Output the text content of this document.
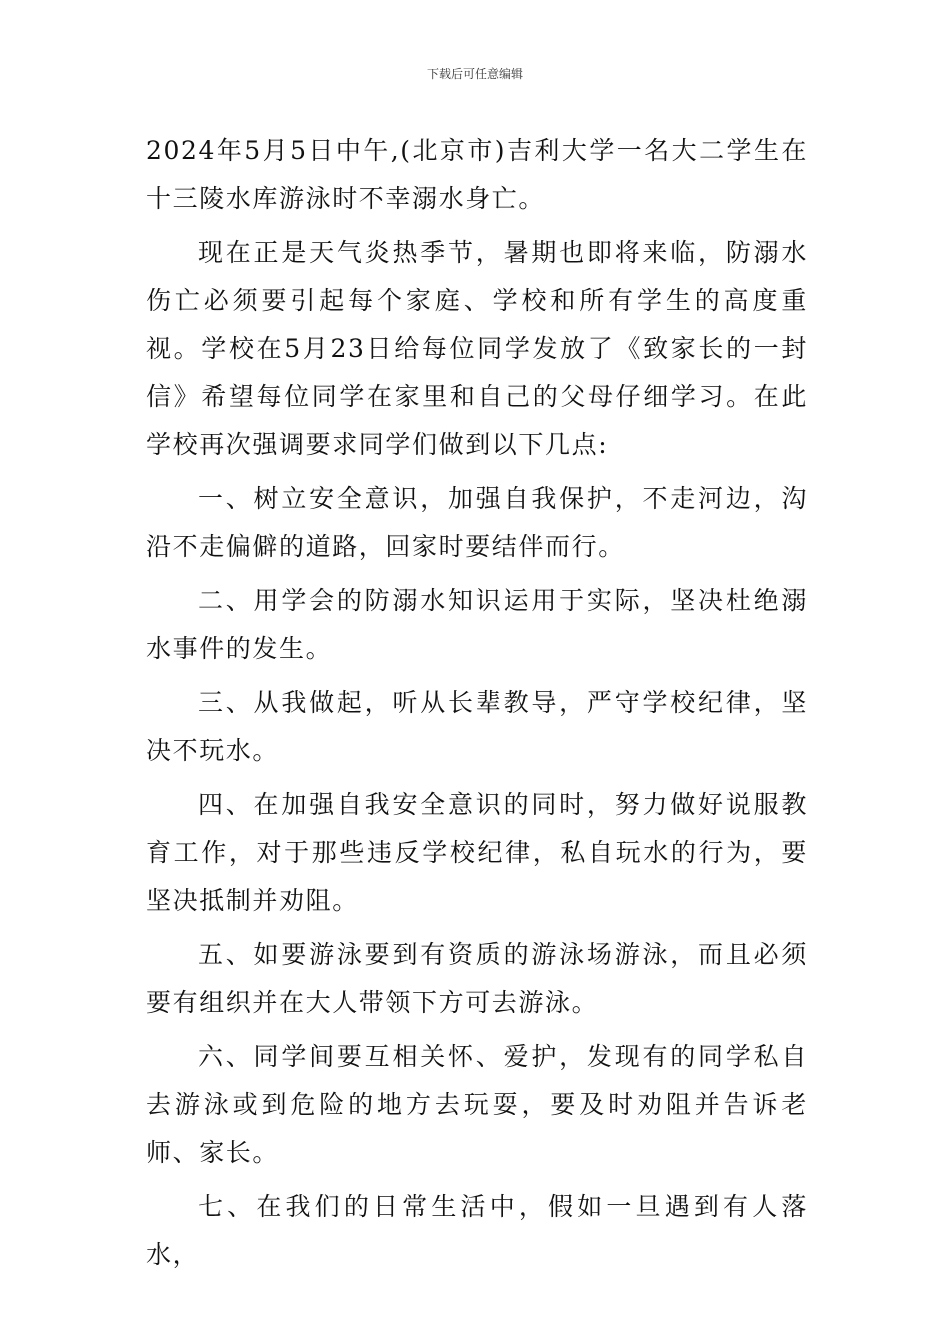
下载后可任意编辑

2024年5月5日中午,(北京市)吉利大学一名大二学生在十三陵水库游泳时不幸溺水身亡。

现在正是天气炎热季节，暑期也即将来临，防溺水伤亡必须要引起每个家庭、学校和所有学生的高度重视。学校在5月23日给每位同学发放了《致家长的一封信》希望每位同学在家里和自己的父母仔细学习。在此学校再次强调要求同学们做到以下几点:

一、树立安全意识，加强自我保护，不走河边，沟沿不走偏僻的道路，回家时要结伴而行。

二、用学会的防溺水知识运用于实际，坚决杜绝溺水事件的发生。

三、从我做起，听从长辈教导，严守学校纪律，坚决不玩水。

四、在加强自我安全意识的同时，努力做好说服教育工作，对于那些违反学校纪律，私自玩水的行为，要坚决抵制并劝阻。

五、如要游泳要到有资质的游泳场游泳，而且必须要有组织并在大人带领下方可去游泳。

六、同学间要互相关怀、爱护，发现有的同学私自去游泳或到危险的地方去玩耍，要及时劝阻并告诉老师、家长。

七、在我们的日常生活中，假如一旦遇到有人落水，
